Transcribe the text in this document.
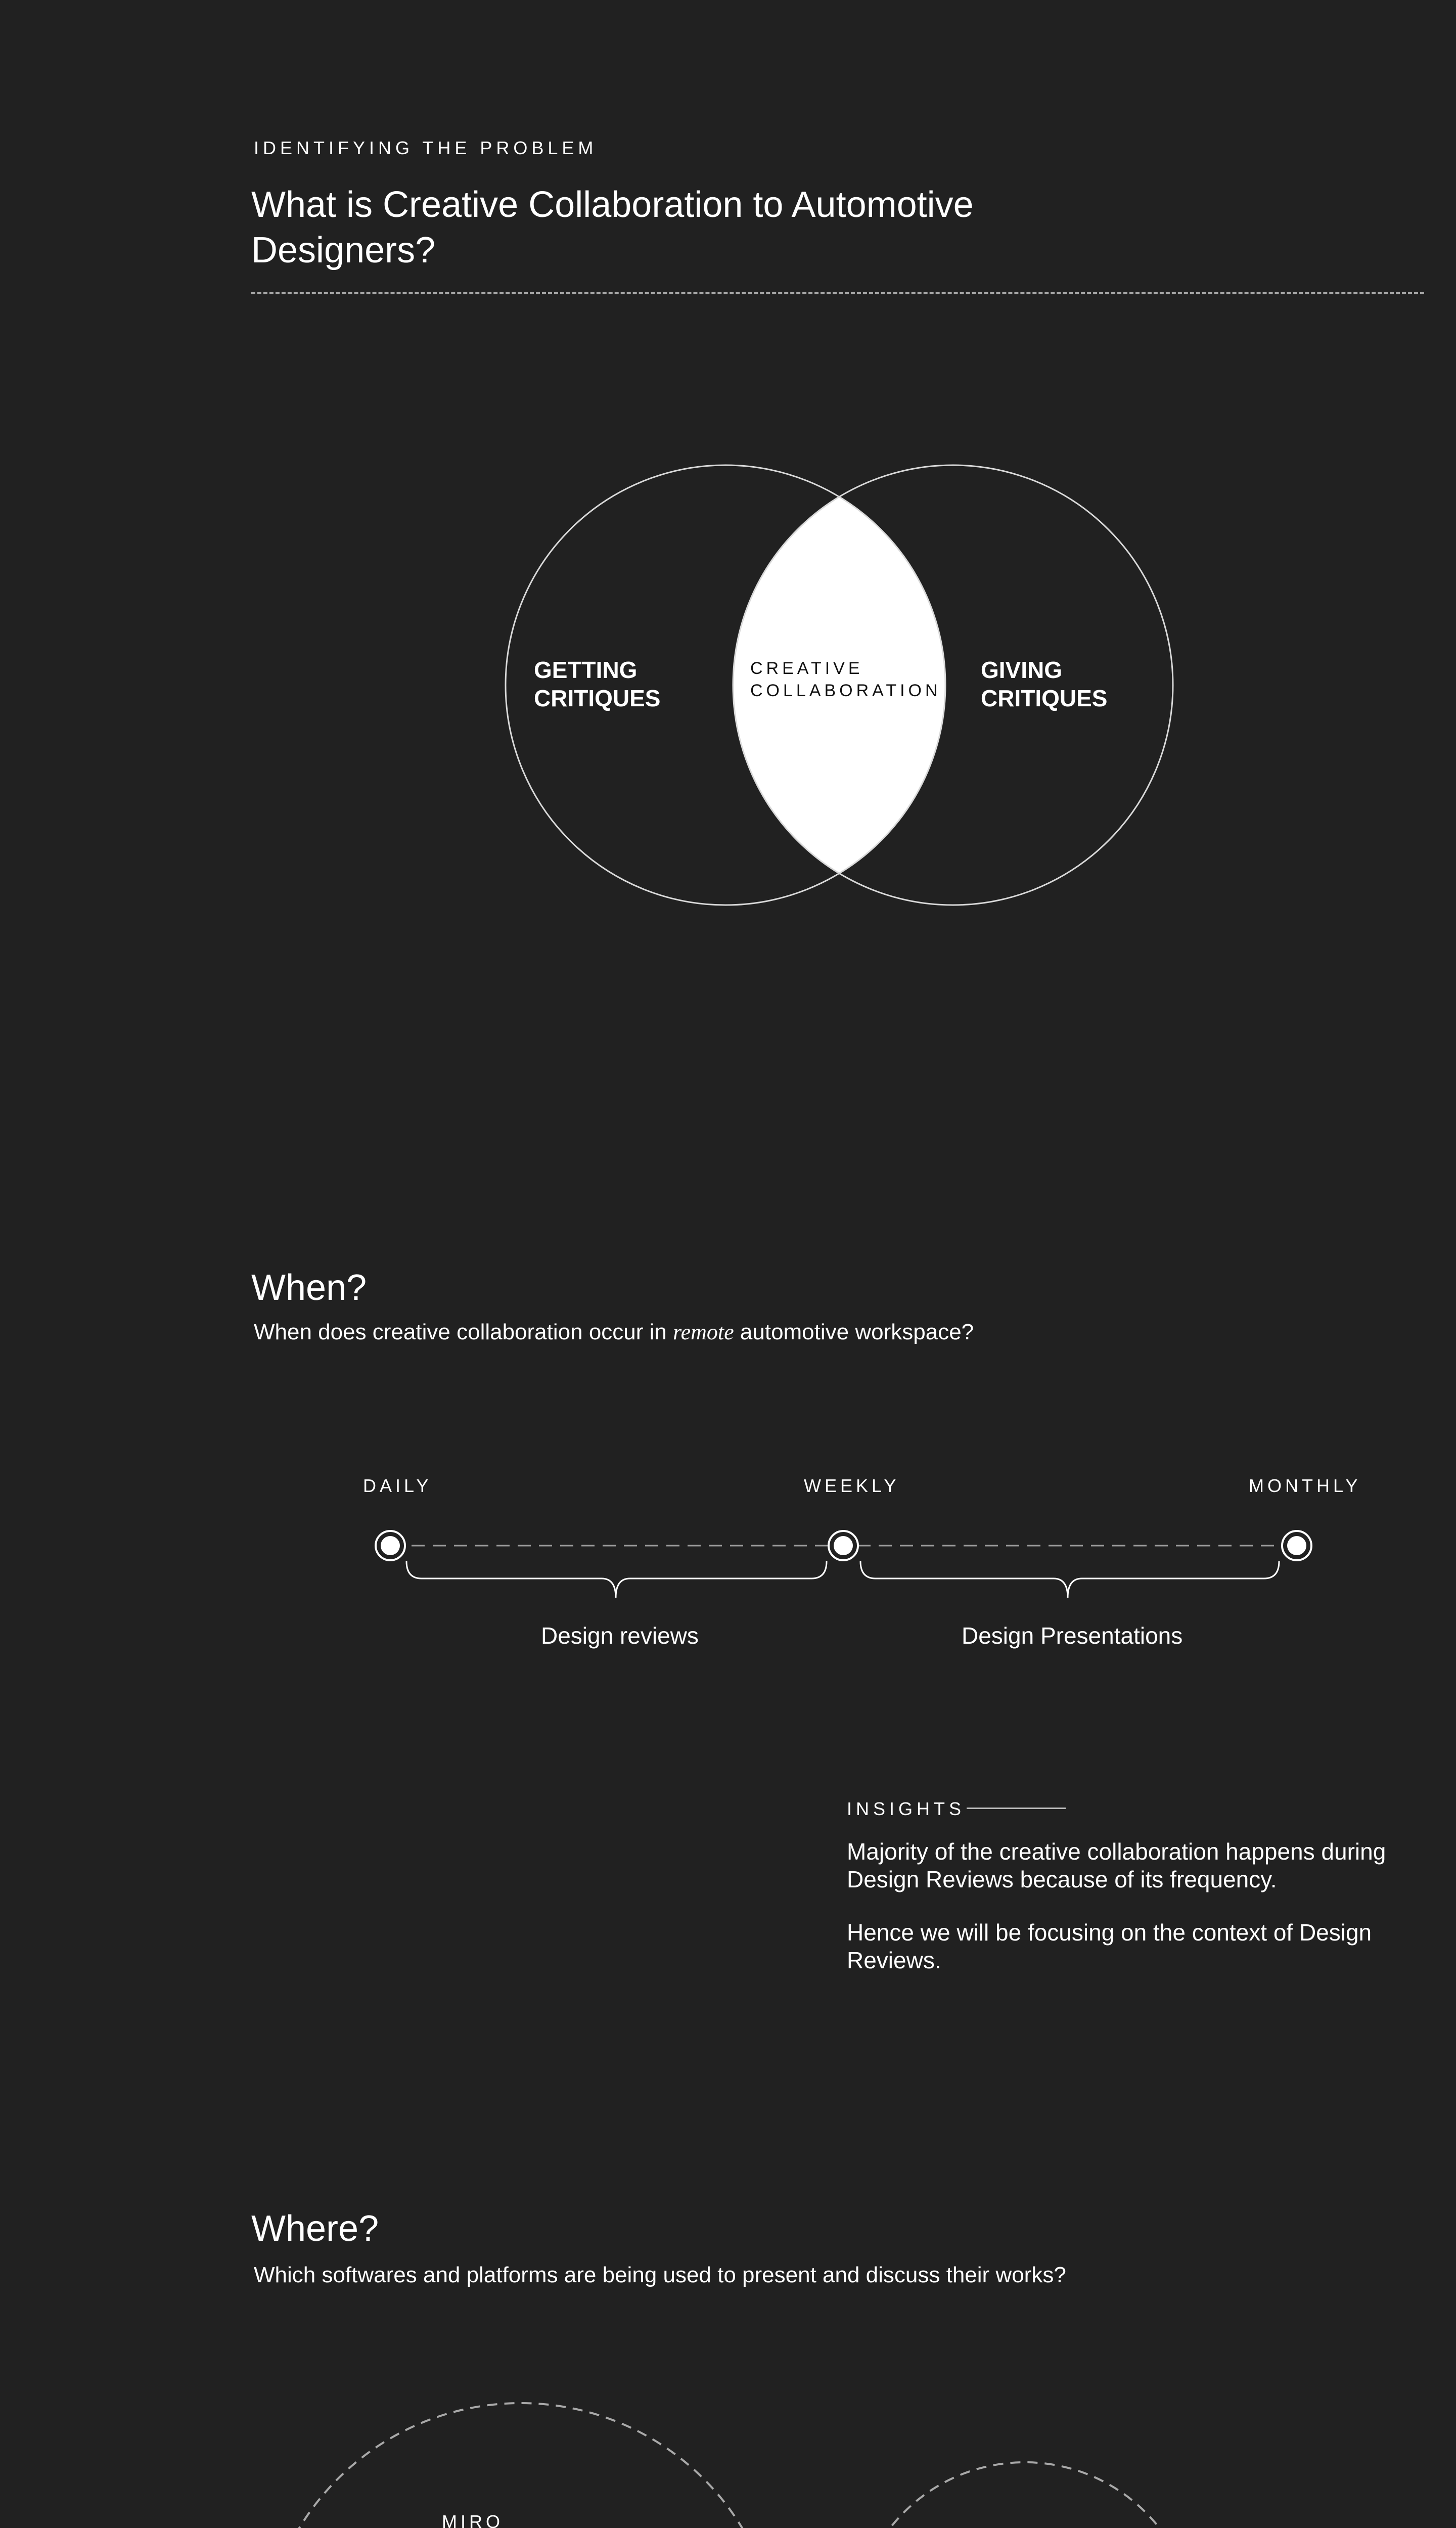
IDENTIFYING THE PROBLEM
What is Creative Collaboration to Automotive Designers?
GETTING
CRITIQUES
CREATIVE
COLLABORATION
GIVING
CRITIQUES
When?
When does creative collaboration occur in remote automotive workspace?
DAILY	WEEKLY	MONTHLY
Design reviews	Design Presentations
INSIGHTS

Majority of the creative collaboration happens during Design Reviews because of its frequency.

Hence we will be focusing on the context of Design Reviews.

Where?
Which softwares and platforms are being used to present and discuss their works?
MIRO
